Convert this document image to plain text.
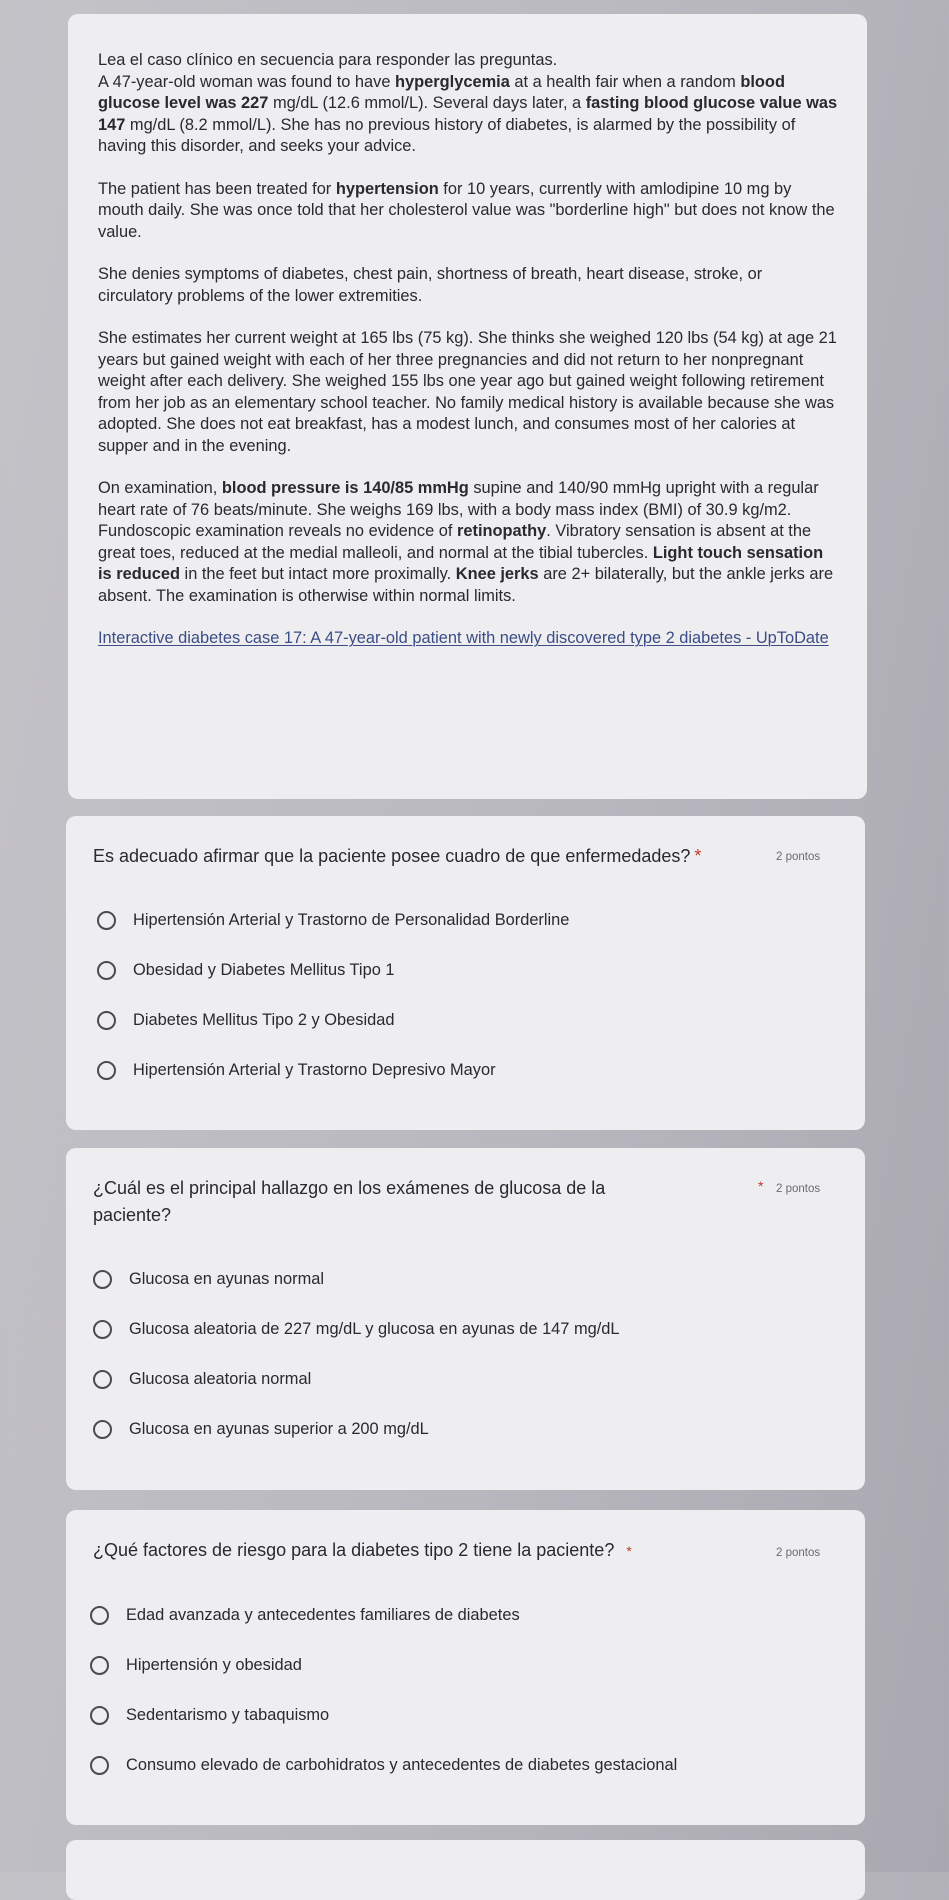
Lea el caso clínico en secuencia para responder las preguntas.
A 47-year-old woman was found to have hyperglycemia at a health fair when a random blood glucose level was 227 mg/dL (12.6 mmol/L). Several days later, a fasting blood glucose value was 147 mg/dL (8.2 mmol/L). She has no previous history of diabetes, is alarmed by the possibility of having this disorder, and seeks your advice.

The patient has been treated for hypertension for 10 years, currently with amlodipine 10 mg by mouth daily. She was once told that her cholesterol value was "borderline high" but does not know the value.

She denies symptoms of diabetes, chest pain, shortness of breath, heart disease, stroke, or circulatory problems of the lower extremities.

She estimates her current weight at 165 lbs (75 kg). She thinks she weighed 120 lbs (54 kg) at age 21 years but gained weight with each of her three pregnancies and did not return to her nonpregnant weight after each delivery. She weighed 155 lbs one year ago but gained weight following retirement from her job as an elementary school teacher. No family medical history is available because she was adopted. She does not eat breakfast, has a modest lunch, and consumes most of her calories at supper and in the evening.

On examination, blood pressure is 140/85 mmHg supine and 140/90 mmHg upright with a regular heart rate of 76 beats/minute. She weighs 169 lbs, with a body mass index (BMI) of 30.9 kg/m2. Fundoscopic examination reveals no evidence of retinopathy. Vibratory sensation is absent at the great toes, reduced at the medial malleoli, and normal at the tibial tubercles. Light touch sensation is reduced in the feet but intact more proximally. Knee jerks are 2+ bilaterally, but the ankle jerks are absent. The examination is otherwise within normal limits.

Interactive diabetes case 17: A 47-year-old patient with newly discovered type 2 diabetes - UpToDate

Es adecuado afirmar que la paciente posee cuadro de que enfermedades? *	2 pontos
Hipertensión Arterial y Trastorno de Personalidad Borderline
Obesidad y Diabetes Mellitus Tipo 1
Diabetes Mellitus Tipo 2 y Obesidad
Hipertensión Arterial y Trastorno Depresivo Mayor
¿Cuál es el principal hallazgo en los exámenes de glucosa de la paciente?
* 2 pontos
Glucosa en ayunas normal
Glucosa aleatoria de 227 mg/dL y glucosa en ayunas de 147 mg/dL
Glucosa aleatoria normal
Glucosa en ayunas superior a 200 mg/dL
¿Qué factores de riesgo para la diabetes tipo 2 tiene la paciente? *	2 pontos
Edad avanzada y antecedentes familiares de diabetes
Hipertensión y obesidad
Sedentarismo y tabaquismo
Consumo elevado de carbohidratos y antecedentes de diabetes gestacional
